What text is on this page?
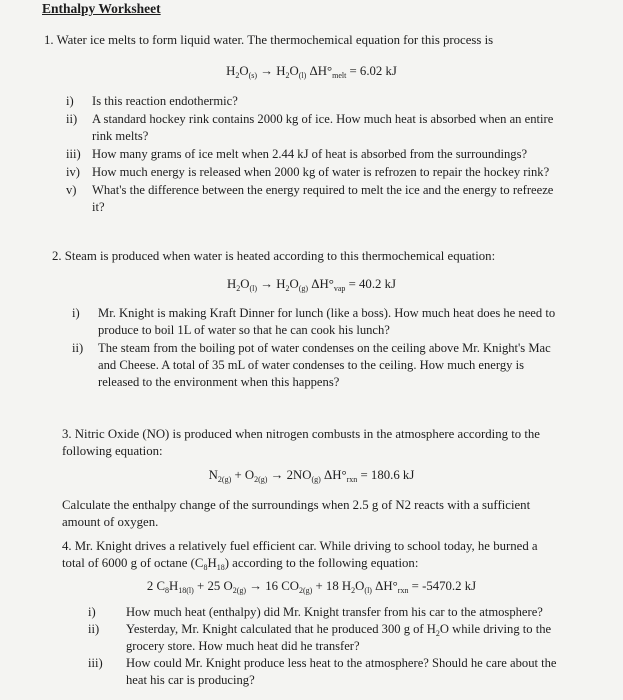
Enthalpy Worksheet
1. Water ice melts to form liquid water. The thermochemical equation for this process is
$H_2O_{(s)} \to H_2O_{(l)}$ $\Delta H^\circ_{melt} = 6.02$ kJ
i)	Is this reaction endothermic?
ii)	A standard hockey rink contains 2000 kg of ice. How much heat is absorbed when an entire rink melts?
iii) How many grams of ice melt when 2.44 kJ of heat is absorbed from the surroundings?
iv) How much energy is released when 2000 kg of water is refrozen to repair the hockey rink?
v)	What's the difference between the energy required to melt the ice and the energy to refreeze it?
2. Steam is produced when water is heated according to this thermochemical equation:
$H_2O_{(l)} \to H_2O_{(g)}$ $\Delta H^\circ_{vap} = 40.2$ kJ
i)	Mr. Knight is making Kraft Dinner for lunch (like a boss). How much heat does he need to produce to boil 1L of water so that he can cook his lunch?
ii)	The steam from the boiling pot of water condenses on the ceiling above Mr. Knight's Mac and Cheese. A total of 35 mL of water condenses to the ceiling. How much energy is released to the environment when this happens?
3. Nitric Oxide (NO) is produced when nitrogen combusts in the atmosphere according to the following equation:
$N_{2(g)} + O_{2(g)} \to 2NO_{(g)}$ $\Delta H^\circ_{rxn} = 180.6$ kJ
Calculate the enthalpy change of the surroundings when 2.5 g of N2 reacts with a sufficient amount of oxygen.
4. Mr. Knight drives a relatively fuel efficient car. While driving to school today, he burned a total of 6000 g of octane $(C_8H_{18})$ according to the following equation:
2 $C_8H_{18(l)} + 25$ $O_{2(g)} \to 16$ $CO_{2(g)} + 18$ $H_2O_{(l)}$ $\Delta H^\circ_{rxn} = -5470.2$ kJ
i)	How much heat (enthalpy) did Mr. Knight transfer from his car to the atmosphere?
ii)	Yesterday, Mr. Knight calculated that he produced 300 g of $H_2O$ while driving to the grocery store. How much heat did he transfer?
iii)	How could Mr. Knight produce less heat to the atmosphere? Should he care about the heat his car is producing?
